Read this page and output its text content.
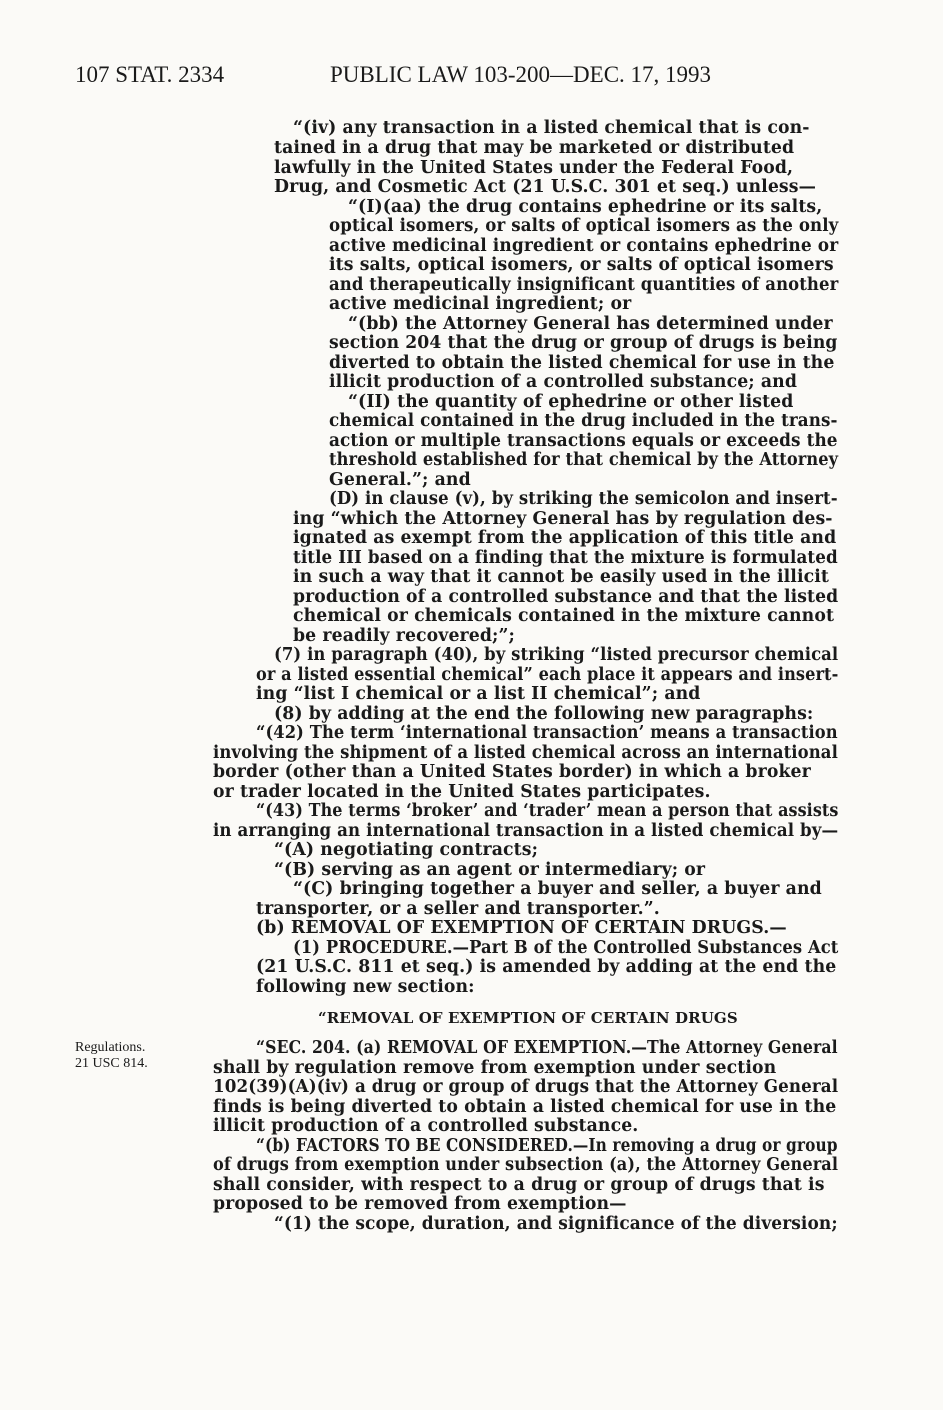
107 STAT. 2334	PUBLIC LAW 103-200—DEC. 17, 1993
Regulations.
21 USC 814.
“(iv) any transaction in a listed chemical that is con-
tained in a drug that may be marketed or distributed
lawfully in the United States under the Federal Food,
Drug, and Cosmetic Act (21 U.S.C. 301 et seq.) unless—
“(I)(aa) the drug contains ephedrine or its salts,
optical isomers, or salts of optical isomers as the only
active medicinal ingredient or contains ephedrine or
its salts, optical isomers, or salts of optical isomers
and therapeutically insignificant quantities of another
active medicinal ingredient; or
“(bb) the Attorney General has determined under
section 204 that the drug or group of drugs is being
diverted to obtain the listed chemical for use in the
illicit production of a controlled substance; and
“(II) the quantity of ephedrine or other listed
chemical contained in the drug included in the trans-
action or multiple transactions equals or exceeds the
threshold established for that chemical by the Attorney
General.”; and
(D) in clause (v), by striking the semicolon and insert-
ing “which the Attorney General has by regulation des-
ignated as exempt from the application of this title and
title III based on a finding that the mixture is formulated
in such a way that it cannot be easily used in the illicit
production of a controlled substance and that the listed
chemical or chemicals contained in the mixture cannot
be readily recovered;”;
(7) in paragraph (40), by striking “listed precursor chemical
or a listed essential chemical” each place it appears and insert-
ing “list I chemical or a list II chemical”; and
(8) by adding at the end the following new paragraphs:
“(42) The term ‘international transaction’ means a transaction
involving the shipment of a listed chemical across an international
border (other than a United States border) in which a broker
or trader located in the United States participates.
“(43) The terms ‘broker’ and ‘trader’ mean a person that assists
in arranging an international transaction in a listed chemical by—
“(A) negotiating contracts;
“(B) serving as an agent or intermediary; or
“(C) bringing together a buyer and seller, a buyer and
transporter, or a seller and transporter.”.
(b) REMOVAL OF EXEMPTION OF CERTAIN DRUGS.—
(1) PROCEDURE.—Part B of the Controlled Substances Act
(21 U.S.C. 811 et seq.) is amended by adding at the end the
following new section:
“REMOVAL OF EXEMPTION OF CERTAIN DRUGS
“SEC. 204. (a) REMOVAL OF EXEMPTION.—The Attorney General
shall by regulation remove from exemption under section
102(39)(A)(iv) a drug or group of drugs that the Attorney General
finds is being diverted to obtain a listed chemical for use in the
illicit production of a controlled substance.
“(b) FACTORS TO BE CONSIDERED.—In removing a drug or group
of drugs from exemption under subsection (a), the Attorney General
shall consider, with respect to a drug or group of drugs that is
proposed to be removed from exemption—
“(1) the scope, duration, and significance of the diversion;
